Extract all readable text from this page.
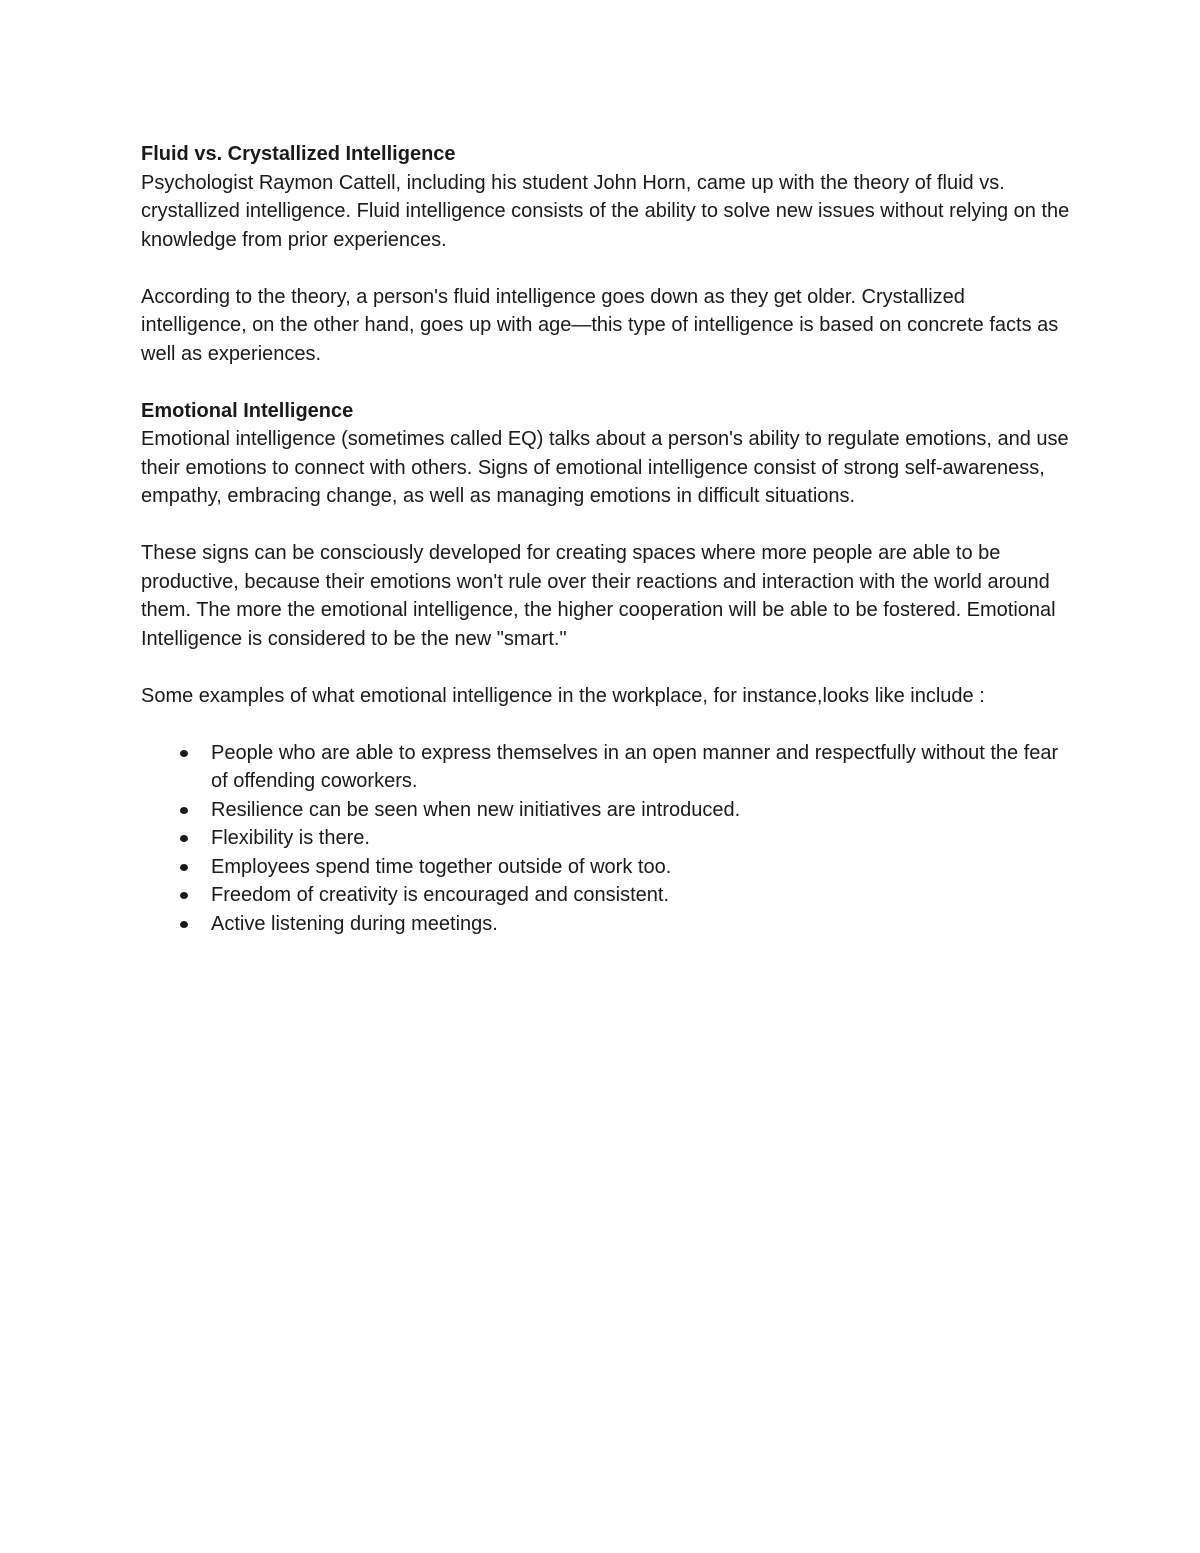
Fluid vs. Crystallized Intelligence

Psychologist Raymon Cattell, including his student John Horn, came up with the theory of fluid vs. crystallized intelligence. Fluid intelligence consists of the ability to solve new issues without relying on the knowledge from prior experiences.

According to the theory, a person's fluid intelligence goes down as they get older. Crystallized intelligence, on the other hand, goes up with age—this type of intelligence is based on concrete facts as well as experiences.

Emotional Intelligence

Emotional intelligence (sometimes called EQ) talks about a person's ability to regulate emotions, and use their emotions to connect with others. Signs of emotional intelligence consist of strong self-awareness, empathy, embracing change, as well as managing emotions in difficult situations.

These signs can be consciously developed for creating spaces where more people are able to be productive, because their emotions won't rule over their reactions and interaction with the world around them. The more the emotional intelligence, the higher cooperation will be able to be fostered. Emotional Intelligence is considered to be the new "smart."

Some examples of what emotional intelligence in the workplace, for instance,looks like include :

People who are able to express themselves in an open manner and respectfully without the fear of offending coworkers.
Resilience can be seen when new initiatives are introduced.
Flexibility is there.
Employees spend time together outside of work too.
Freedom of creativity is encouraged and consistent.
Active listening during meetings.
